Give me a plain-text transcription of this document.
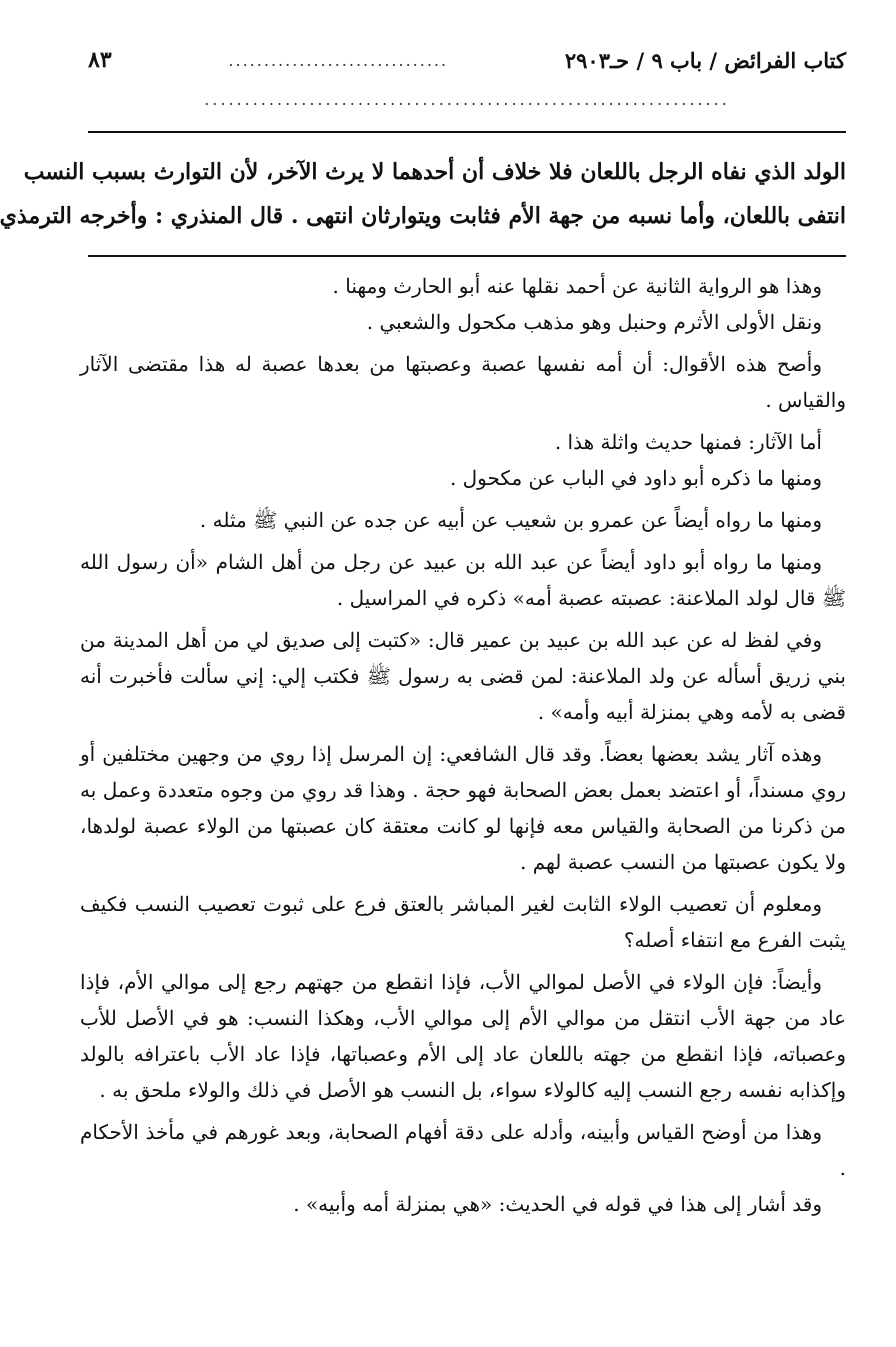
كتاب الفرائض / باب ٩ / حـ٢٩٠٣
...............................
٨٣
.................................................................
الولد الذي نفاه الرجل باللعان فلا خلاف أن أحدهما لا يرث الآخر، لأن التوارث بسبب النسب
انتفى باللعان، وأما نسبه من جهة الأم فثابت ويتوارثان انتهى . قال المنذري : وأخرجه الترمذي

وهذا هو الرواية الثانية عن أحمد نقلها عنه أبو الحارث ومهنا .

ونقل الأولى الأثرم وحنبل وهو مذهب مكحول والشعبي .

وأصح هذه الأقوال: أن أمه نفسها عصبة وعصبتها من بعدها عصبة له هذا مقتضى الآثار والقياس .

أما الآثار: فمنها حديث واثلة هذا .

ومنها ما ذكره أبو داود في الباب عن مكحول .

ومنها ما رواه أيضاً عن عمرو بن شعيب عن أبيه عن جده عن النبي ﷺ مثله .

ومنها ما رواه أبو داود أيضاً عن عبد الله بن عبيد عن رجل من أهل الشام «أن رسول الله ﷺ قال لولد الملاعنة: عصبته عصبة أمه» ذكره في المراسيل .

وفي لفظ له عن عبد الله بن عبيد بن عمير قال: «كتبت إلى صديق لي من أهل المدينة من بني زريق أسأله عن ولد الملاعنة: لمن قضى به رسول ﷺ فكتب إلي: إني سألت فأخبرت أنه قضى به لأمه وهي بمنزلة أبيه وأمه» .

وهذه آثار يشد بعضها بعضاً. وقد قال الشافعي: إن المرسل إذا روي من وجهين مختلفين أو روي مسنداً، أو اعتضد بعمل بعض الصحابة فهو حجة . وهذا قد روي من وجوه متعددة وعمل به من ذكرنا من الصحابة والقياس معه فإنها لو كانت معتقة كان عصبتها من الولاء عصبة لولدها، ولا يكون عصبتها من النسب عصبة لهم .

ومعلوم أن تعصيب الولاء الثابت لغير المباشر بالعتق فرع على ثبوت تعصيب النسب فكيف يثبت الفرع مع انتفاء أصله؟

وأيضاً: فإن الولاء في الأصل لموالي الأب، فإذا انقطع من جهتهم رجع إلى موالي الأم، فإذا عاد من جهة الأب انتقل من موالي الأم إلى موالي الأب، وهكذا النسب: هو في الأصل للأب وعصباته، فإذا انقطع من جهته باللعان عاد إلى الأم وعصباتها، فإذا عاد الأب باعترافه بالولد وإكذابه نفسه رجع النسب إليه كالولاء سواء، بل النسب هو الأصل في ذلك والولاء ملحق به .

وهذا من أوضح القياس وأبينه، وأدله على دقة أفهام الصحابة، وبعد غورهم في مأخذ الأحكام .

وقد أشار إلى هذا في قوله في الحديث: «هي بمنزلة أمه وأبيه» .
